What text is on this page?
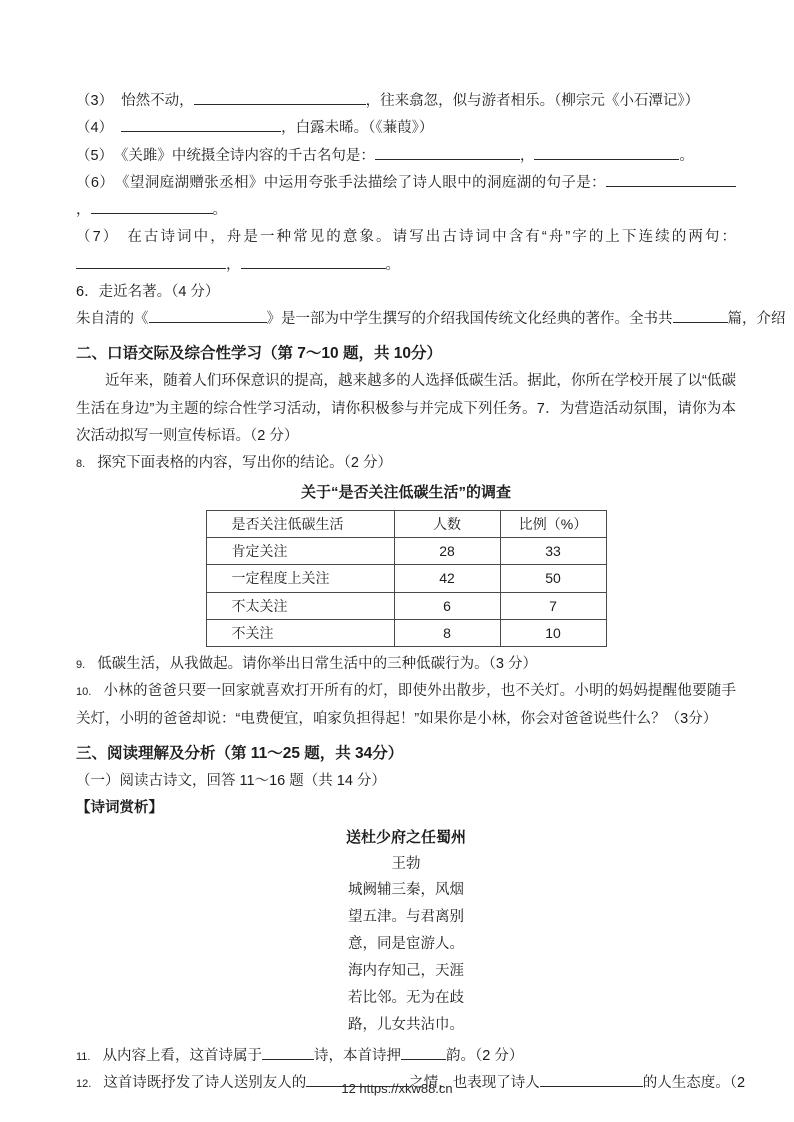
（3） 怡然不动，	，往来翕忽，似与游者相乐。（柳宗元《小石潭记》）

（4）	，白露未晞。（《蒹葭》）

（5） 《关雎》中统摄全诗内容的千古名句是：	，	。

（6） 《望洞庭湖赠张丞相》中运用夸张手法描绘了诗人眼中的洞庭湖的句子是：，	。

（7） 在古诗词中，舟是一种常见的意象。请写出古诗词中含有“舟”字的上下连续的两句：，	。

6．走近名著。（4 分）

朱自清的《	》是一部为中学生撰写的介绍我国传统文化经典的著作。全书共	篇，介绍

二、口语交际及综合性学习（第 7～10 题，共 10分）

近年来，随着人们环保意识的提高，越来越多的人选择低碳生活。据此，你所在学校开展了以“低碳生活在身边”为主题的综合性学习活动，请你积极参与并完成下列任务。7．为营造活动氛围，请你为本次活动拟写一则宣传标语。（2 分）

8. 探究下面表格的内容，写出你的结论。（2 分）

关于“是否关注低碳生活”的调查
是否关注低碳生活	人数	比例（%）
肯定关注	28	33
一定程度上关注	42	50
不太关注	6	7
不关注	8	10

9. 低碳生活，从我做起。请你举出日常生活中的三种低碳行为。（3 分）

10. 小林的爸爸只要一回家就喜欢打开所有的灯，即使外出散步，也不关灯。小明的妈妈提醒他要随手关灯，小明的爸爸却说：“电费便宜，咱家负担得起！”如果你是小林，你会对爸爸说些什么？（3分）

三、阅读理解及分析（第 11～25 题，共 34分）

（一）阅读古诗文，回答 11～16 题（共 14 分）

【诗词赏析】

送杜少府之任蜀州
王勃
城阙辅三秦，风烟
望五津。与君离别
意，同是宦游人。
海内存知己，天涯
若比邻。无为在歧
路，儿女共沾巾。

11. 从内容上看，这首诗属于	诗，本首诗押	韵。（2 分）

12. 这首诗既抒发了诗人送别友人的	之情，也表现了诗人	的人生态度。（2

12 https://xkw88.cn
